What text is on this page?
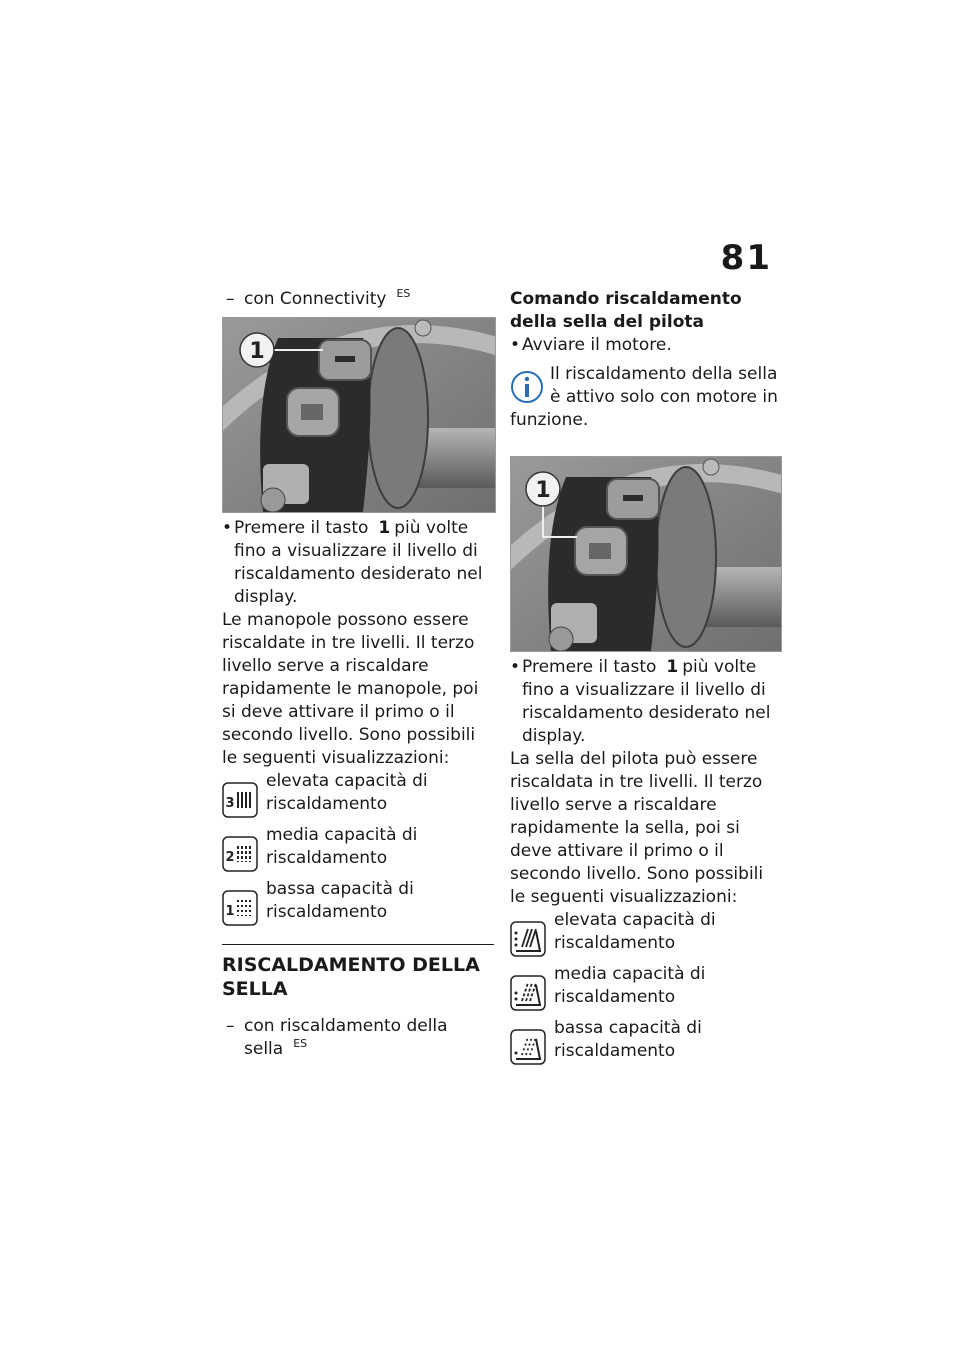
81
– con Connectivity $^{ES}$
1

• Premere il tasto 1 più volte fino a visualizzare il livello di riscaldamento desiderato nel display.

Le manopole possono essere riscaldate in tre livelli. Il terzo livello serve a riscaldare rapidamente le manopole, poi si deve attivare il primo o il secondo livello. Sono possibili le seguenti visualizzazioni:

3
elevata capacità di riscaldamento
2
media capacità di riscaldamento
1
bassa capacità di riscaldamento
RISCALDAMENTO DELLA SELLA
– con riscaldamento della sella $^{ES}$
Comando riscaldamento della sella del pilota

• Avviare il motore.

Il riscaldamento della sella è attivo solo con motore in funzione.
1

• Premere il tasto 1 più volte fino a visualizzare il livello di riscaldamento desiderato nel display.

La sella del pilota può essere riscaldata in tre livelli. Il terzo livello serve a riscaldare rapidamente la sella, poi si deve attivare il primo o il secondo livello. Sono possibili le seguenti visualizzazioni:

elevata capacità di riscaldamento
media capacità di riscaldamento
bassa capacità di riscaldamento
